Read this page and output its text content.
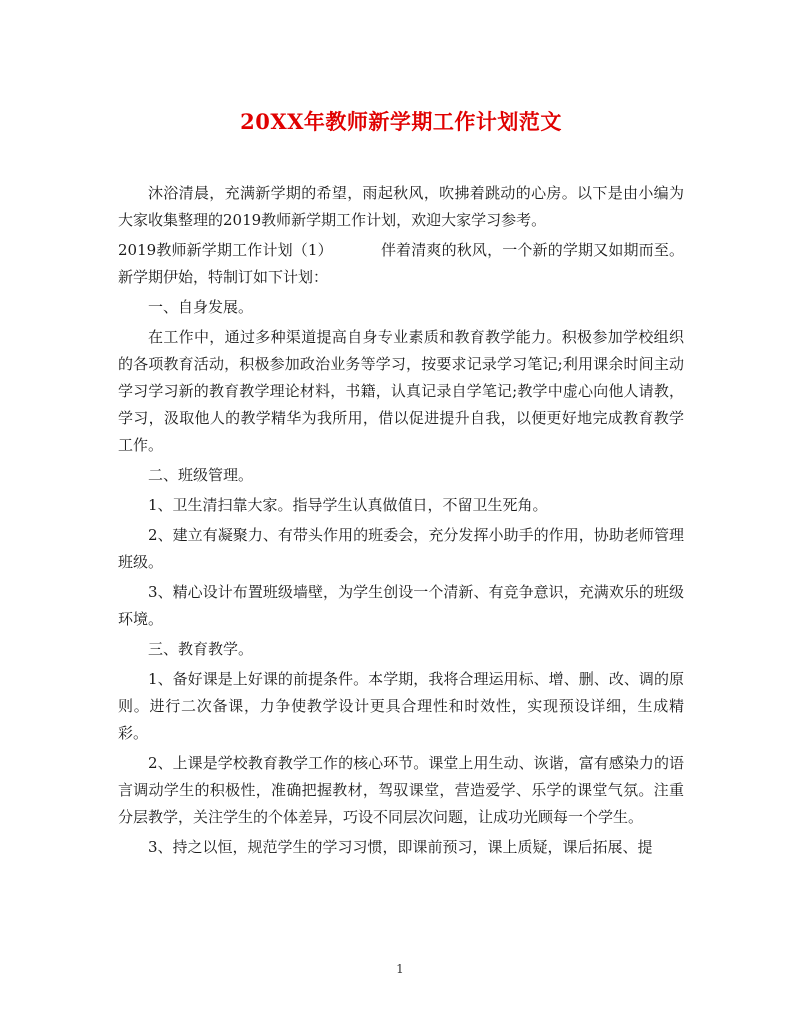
20XX年教师新学期工作计划范文

沐浴清晨，充满新学期的希望，雨起秋风，吹拂着跳动的心房。以下是由小编为大家收集整理的2019教师新学期工作计划，欢迎大家学习参考。

2019教师新学期工作计划（1）	伴着清爽的秋风，一个新的学期又如期而至。新学期伊始，特制订如下计划：

一、自身发展。

在工作中，通过多种渠道提高自身专业素质和教育教学能力。积极参加学校组织的各项教育活动，积极参加政治业务等学习，按要求记录学习笔记;利用课余时间主动学习学习新的教育教学理论材料，书籍，认真记录自学笔记;教学中虚心向他人请教，学习，汲取他人的教学精华为我所用，借以促进提升自我，以便更好地完成教育教学工作。

二、班级管理。

1、卫生清扫靠大家。指导学生认真做值日，不留卫生死角。

2、建立有凝聚力、有带头作用的班委会，充分发挥小助手的作用，协助老师管理班级。

3、精心设计布置班级墙壁，为学生创设一个清新、有竞争意识，充满欢乐的班级环境。

三、教育教学。

1、备好课是上好课的前提条件。本学期，我将合理运用标、增、删、改、调的原则。进行二次备课，力争使教学设计更具合理性和时效性，实现预设详细，生成精彩。

2、上课是学校教育教学工作的核心环节。课堂上用生动、诙谐，富有感染力的语言调动学生的积极性，准确把握教材，驾驭课堂，营造爱学、乐学的课堂气氛。注重分层教学，关注学生的个体差异，巧设不同层次问题，让成功光顾每一个学生。

3、持之以恒，规范学生的学习习惯，即课前预习，课上质疑，课后拓展、提

1
